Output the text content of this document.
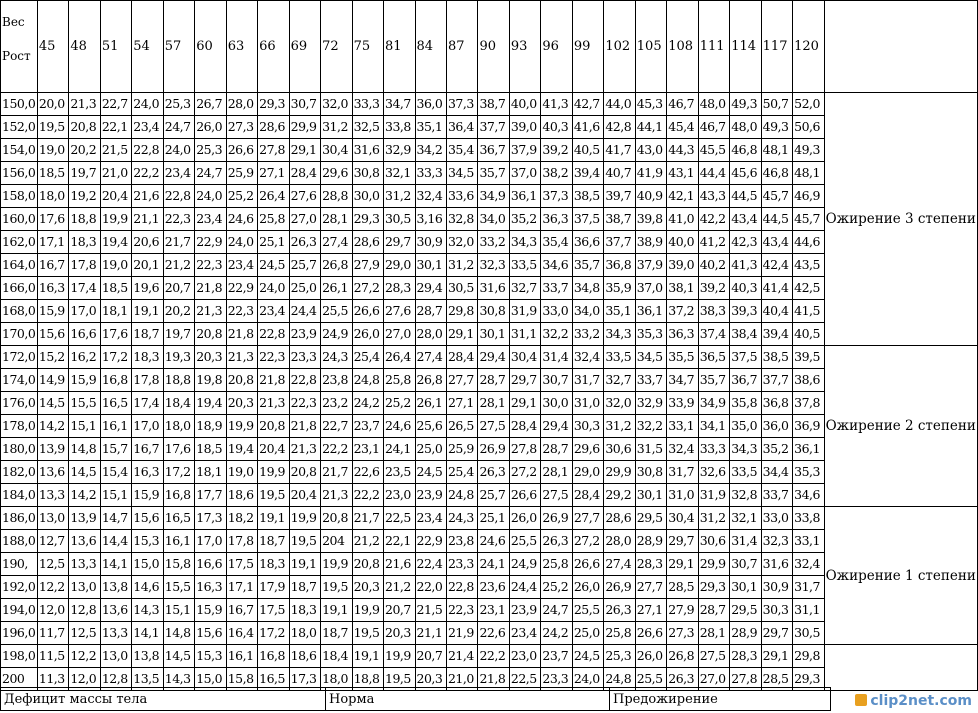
Вес
Рост	45	48	51	54	57	60	63	66	69	72	75	81	84	87	90	93	96	99	102	105	108	111	114	117	120	
150,0	20,0	21,3	22,7	24,0	25,3	26,7	28,0	29,3	30,7	32,0	33,3	34,7	36,0	37,3	38,7	40,0	41,3	42,7	44,0	45,3	46,7	48,0	49,3	50,7	52,0	Ожирение 3 степени
152,0	19,5	20,8	22,1	23,4	24,7	26,0	27,3	28,6	29,9	31,2	32,5	33,8	35,1	36,4	37,7	39,0	40,3	41,6	42,8	44,1	45,4	46,7	48,0	49,3	50,6	
154,0	19,0	20,2	21,5	22,8	24,0	25,3	26,6	27,8	29,1	30,4	31,6	32,9	34,2	35,4	36,7	37,9	39,2	40,5	41,7	43,0	44,3	45,5	46,8	48,1	49,3	
156,0	18,5	19,7	21,0	22,2	23,4	24,7	25,9	27,1	28,4	29,6	30,8	32,1	33,3	34,5	35,7	37,0	38,2	39,4	40,7	41,9	43,1	44,4	45,6	46,8	48,1	
158,0	18,0	19,2	20,4	21,6	22,8	24,0	25,2	26,4	27,6	28,8	30,0	31,2	32,4	33,6	34,9	36,1	37,3	38,5	39,7	40,9	42,1	43,3	44,5	45,7	46,9	
160,0	17,6	18,8	19,9	21,1	22,3	23,4	24,6	25,8	27,0	28,1	29,3	30,5	3,16	32,8	34,0	35,2	36,3	37,5	38,7	39,8	41,0	42,2	43,4	44,5	45,7	
162,0	17,1	18,3	19,4	20,6	21,7	22,9	24,0	25,1	26,3	27,4	28,6	29,7	30,9	32,0	33,2	34,3	35,4	36,6	37,7	38,9	40,0	41,2	42,3	43,4	44,6	
164,0	16,7	17,8	19,0	20,1	21,2	22,3	23,4	24,5	25,7	26,8	27,9	29,0	30,1	31,2	32,3	33,5	34,6	35,7	36,8	37,9	39,0	40,2	41,3	42,4	43,5	
166,0	16,3	17,4	18,5	19,6	20,7	21,8	22,9	24,0	25,0	26,1	27,2	28,3	29,4	30,5	31,6	32,7	33,7	34,8	35,9	37,0	38,1	39,2	40,3	41,4	42,5	
168,0	15,9	17,0	18,1	19,1	20,2	21,3	22,3	23,4	24,4	25,5	26,6	27,6	28,7	29,8	30,8	31,9	33,0	34,0	35,1	36,1	37,2	38,3	39,3	40,4	41,5	
170,0	15,6	16,6	17,6	18,7	19,7	20,8	21,8	22,8	23,9	24,9	26,0	27,0	28,0	29,1	30,1	31,1	32,2	33,2	34,3	35,3	36,3	37,4	38,4	39,4	40,5	
172,0	15,2	16,2	17,2	18,3	19,3	20,3	21,3	22,3	23,3	24,3	25,4	26,4	27,4	28,4	29,4	30,4	31,4	32,4	33,5	34,5	35,5	36,5	37,5	38,5	39,5	Ожирение 2 степени
174,0	14,9	15,9	16,8	17,8	18,8	19,8	20,8	21,8	22,8	23,8	24,8	25,8	26,8	27,7	28,7	29,7	30,7	31,7	32,7	33,7	34,7	35,7	36,7	37,7	38,6	
176,0	14,5	15,5	16,5	17,4	18,4	19,4	20,3	21,3	22,3	23,2	24,2	25,2	26,1	27,1	28,1	29,1	30,0	31,0	32,0	32,9	33,9	34,9	35,8	36,8	37,8	
178,0	14,2	15,1	16,1	17,0	18,0	18,9	19,9	20,8	21,8	22,7	23,7	24,6	25,6	26,5	27,5	28,4	29,4	30,3	31,2	32,2	33,1	34,1	35,0	36,0	36,9	
180,0	13,9	14,8	15,7	16,7	17,6	18,5	19,4	20,4	21,3	22,2	23,1	24,1	25,0	25,9	26,9	27,8	28,7	29,6	30,6	31,5	32,4	33,3	34,3	35,2	36,1	
182,0	13,6	14,5	15,4	16,3	17,2	18,1	19,0	19,9	20,8	21,7	22,6	23,5	24,5	25,4	26,3	27,2	28,1	29,0	29,9	30,8	31,7	32,6	33,5	34,4	35,3	
184,0	13,3	14,2	15,1	15,9	16,8	17,7	18,6	19,5	20,4	21,3	22,2	23,0	23,9	24,8	25,7	26,6	27,5	28,4	29,2	30,1	31,0	31,9	32,8	33,7	34,6	
186,0	13,0	13,9	14,7	15,6	16,5	17,3	18,2	19,1	19,9	20,8	21,7	22,5	23,4	24,3	25,1	26,0	26,9	27,7	28,6	29,5	30,4	31,2	32,1	33,0	33,8	Ожирение 1 степени
188,0	12,7	13,6	14,4	15,3	16,1	17,0	17,8	18,7	19,5	204	21,2	22,1	22,9	23,8	24,6	25,5	26,3	27,2	28,0	28,9	29,7	30,6	31,4	32,3	33,1	
190,	12,5	13,3	14,1	15,0	15,8	16,6	17,5	18,3	19,1	19,9	20,8	21,6	22,4	23,3	24,1	24,9	25,8	26,6	27,4	28,3	29,1	29,9	30,7	31,6	32,4	
192,0	12,2	13,0	13,8	14,6	15,5	16,3	17,1	17,9	18,7	19,5	20,3	21,2	22,0	22,8	23,6	24,4	25,2	26,0	26,9	27,7	28,5	29,3	30,1	30,9	31,7	
194,0	12,0	12,8	13,6	14,3	15,1	15,9	16,7	17,5	18,3	19,1	19,9	20,7	21,5	22,3	23,1	23,9	24,7	25,5	26,3	27,1	27,9	28,7	29,5	30,3	31,1	
196,0	11,7	12,5	13,3	14,1	14,8	15,6	16,4	17,2	18,0	18,7	19,5	20,3	21,1	21,9	22,6	23,4	24,2	25,0	25,8	26,6	27,3	28,1	28,9	29,7	30,5	
198,0	11,5	12,2	13,0	13,8	14,5	15,3	16,1	16,8	18,6	18,4	19,1	19,9	20,7	21,4	22,2	23,0	23,7	24,5	25,3	26,0	26,8	27,5	28,3	29,1	29,8	
200	11,3	12,0	12,8	13,5	14,3	15,0	15,8	16,5	17,3	18,0	18,8	19,5	20,3	21,0	21,8	22,5	23,3	24,0	24,8	25,5	26,3	27,0	27,8	28,5	29,3	
Дефицит массы тела	Норма	Предожирение	clip2net.com
